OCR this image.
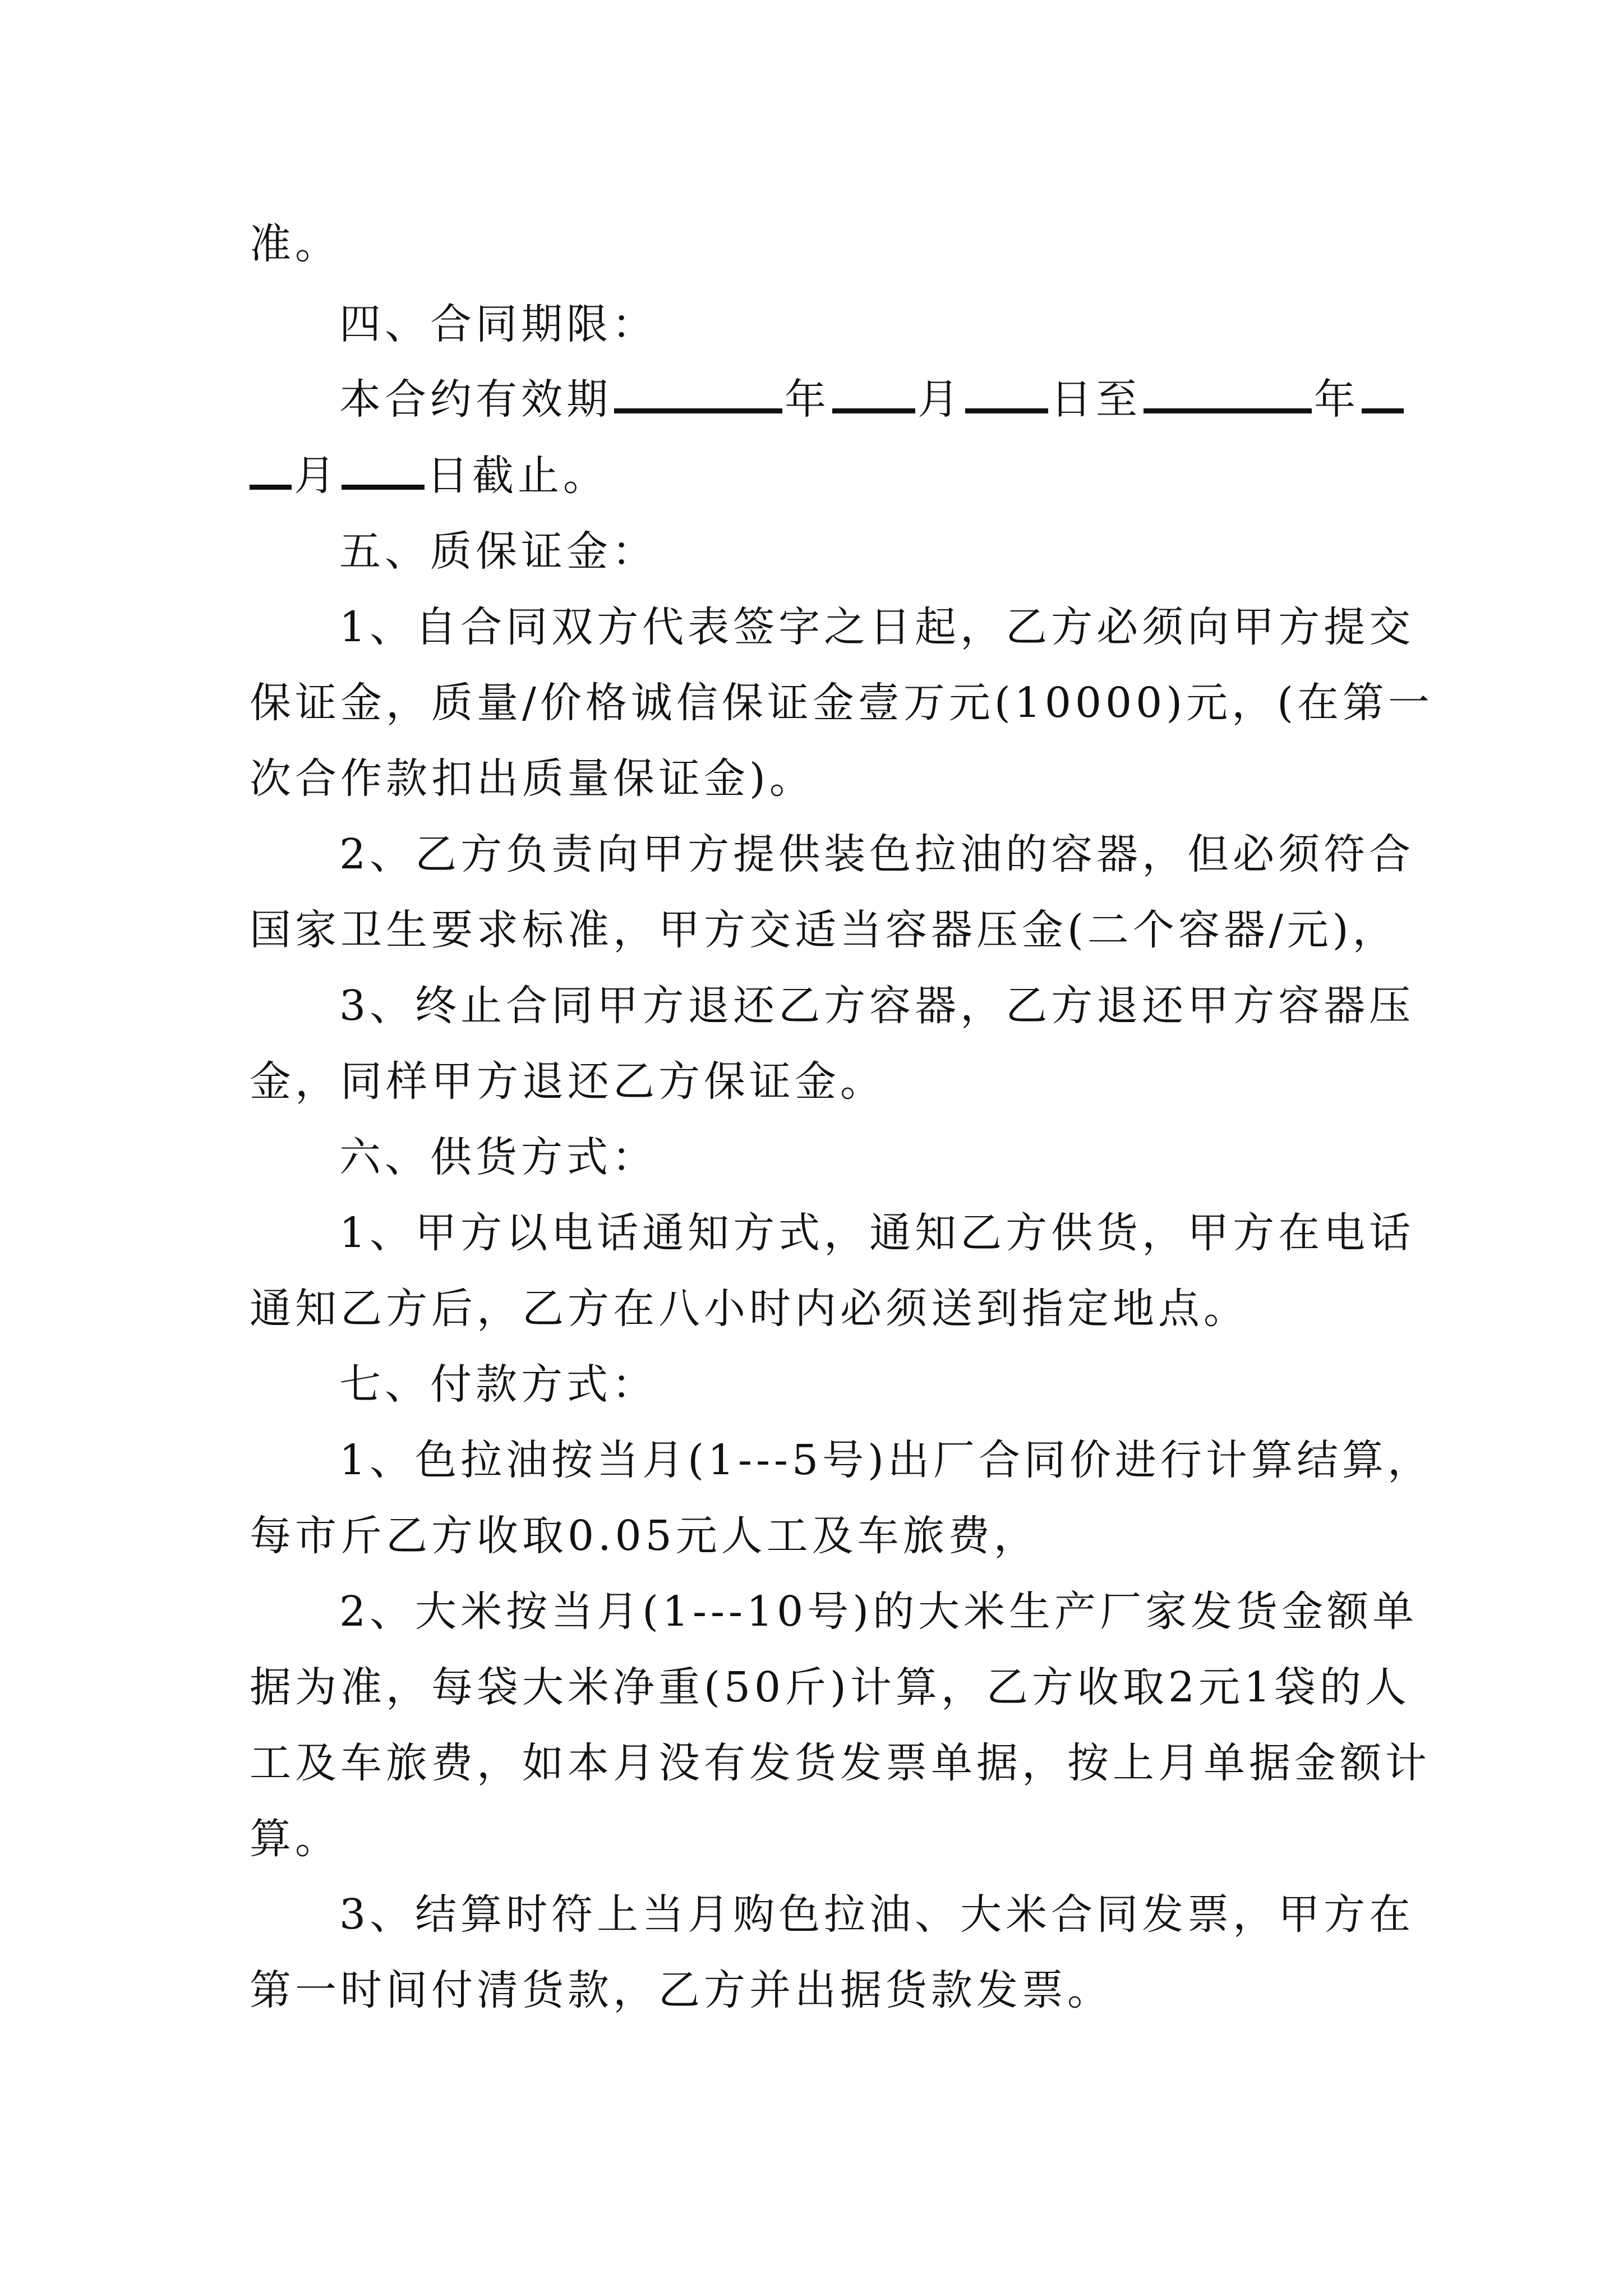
准。
四、合同期限：
本合约有效期	年 月 日至	年
月 日截止。
五、质保证金：
1、自合同双方代表签字之日起，乙方必须向甲方提交
保证金，质量/价格诚信保证金壹万元(10000)元，(在第一
次合作款扣出质量保证金)。
2、乙方负责向甲方提供装色拉油的容器，但必须符合
国家卫生要求标准，甲方交适当容器压金(二个容器/元)，
3、终止合同甲方退还乙方容器，乙方退还甲方容器压
金，同样甲方退还乙方保证金。
六、供货方式：
1、甲方以电话通知方式，通知乙方供货，甲方在电话
通知乙方后，乙方在八小时内必须送到指定地点。
七、付款方式：
1、色拉油按当月(1---5号)出厂合同价进行计算结算，
每市斤乙方收取0.05元人工及车旅费，
2、大米按当月(1---10号)的大米生产厂家发货金额单
据为准，每袋大米净重(50斤)计算，乙方收取2元1袋的人
工及车旅费，如本月没有发货发票单据，按上月单据金额计
算。
3、结算时符上当月购色拉油、大米合同发票，甲方在
第一时间付清货款，乙方并出据货款发票。
